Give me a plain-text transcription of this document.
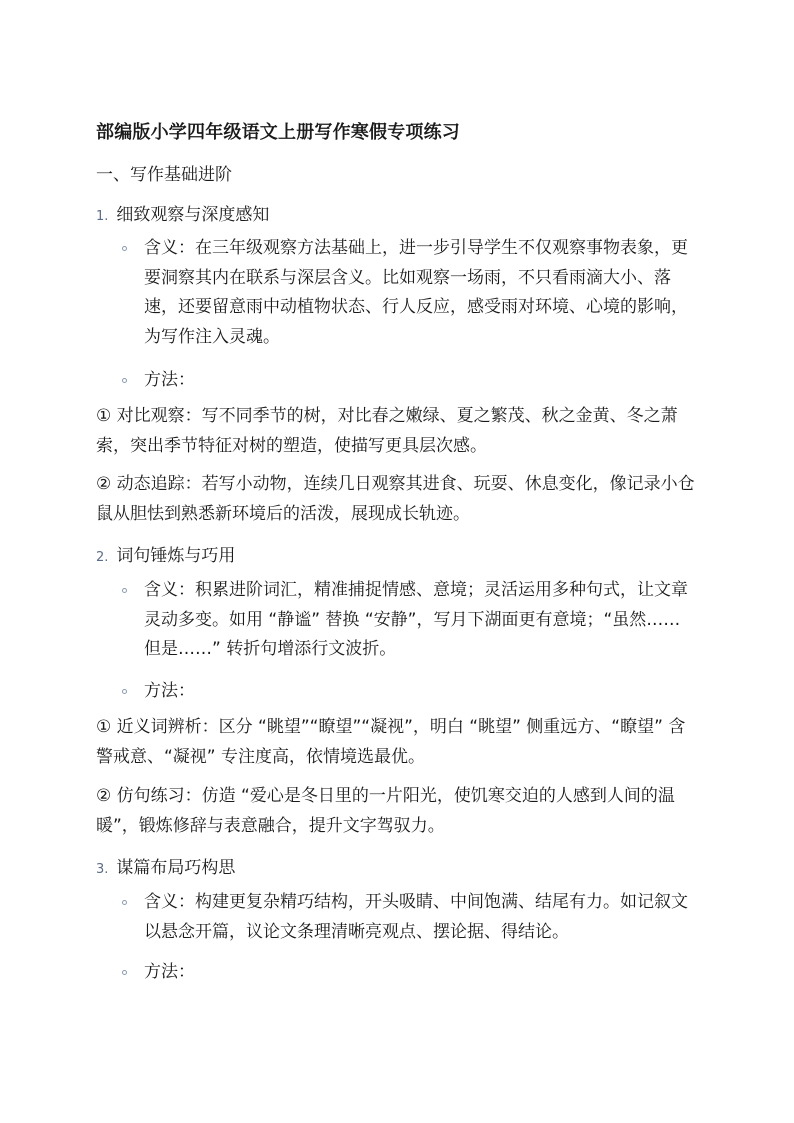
部编版小学四年级语文上册写作寒假专项练习
一、写作基础进阶
1. 细致观察与深度感知
含义：在三年级观察方法基础上，进一步引导学生不仅观察事物表象，更要洞察其内在联系与深层含义。比如观察一场雨，不只看雨滴大小、落速，还要留意雨中动植物状态、行人反应，感受雨对环境、心境的影响，为写作注入灵魂。
方法：
① 对比观察：写不同季节的树，对比春之嫩绿、夏之繁茂、秋之金黄、冬之萧索，突出季节特征对树的塑造，使描写更具层次感。
② 动态追踪：若写小动物，连续几日观察其进食、玩耍、休息变化，像记录小仓鼠从胆怯到熟悉新环境后的活泼，展现成长轨迹。
2. 词句锤炼与巧用
含义：积累进阶词汇，精准捕捉情感、意境；灵活运用多种句式，让文章灵动多变。如用 “静谧” 替换 “安静”，写月下湖面更有意境；“虽然…… 但是……” 转折句增添行文波折。
方法：
① 近义词辨析：区分 “眺望”“瞭望”“凝视”，明白 “眺望” 侧重远方、“瞭望” 含警戒意、“凝视” 专注度高，依情境选最优。
② 仿句练习：仿造 “爱心是冬日里的一片阳光，使饥寒交迫的人感到人间的温暖”，锻炼修辞与表意融合，提升文字驾驭力。
3. 谋篇布局巧构思
含义：构建更复杂精巧结构，开头吸睛、中间饱满、结尾有力。如记叙文以悬念开篇，议论文条理清晰亮观点、摆论据、得结论。
方法：
